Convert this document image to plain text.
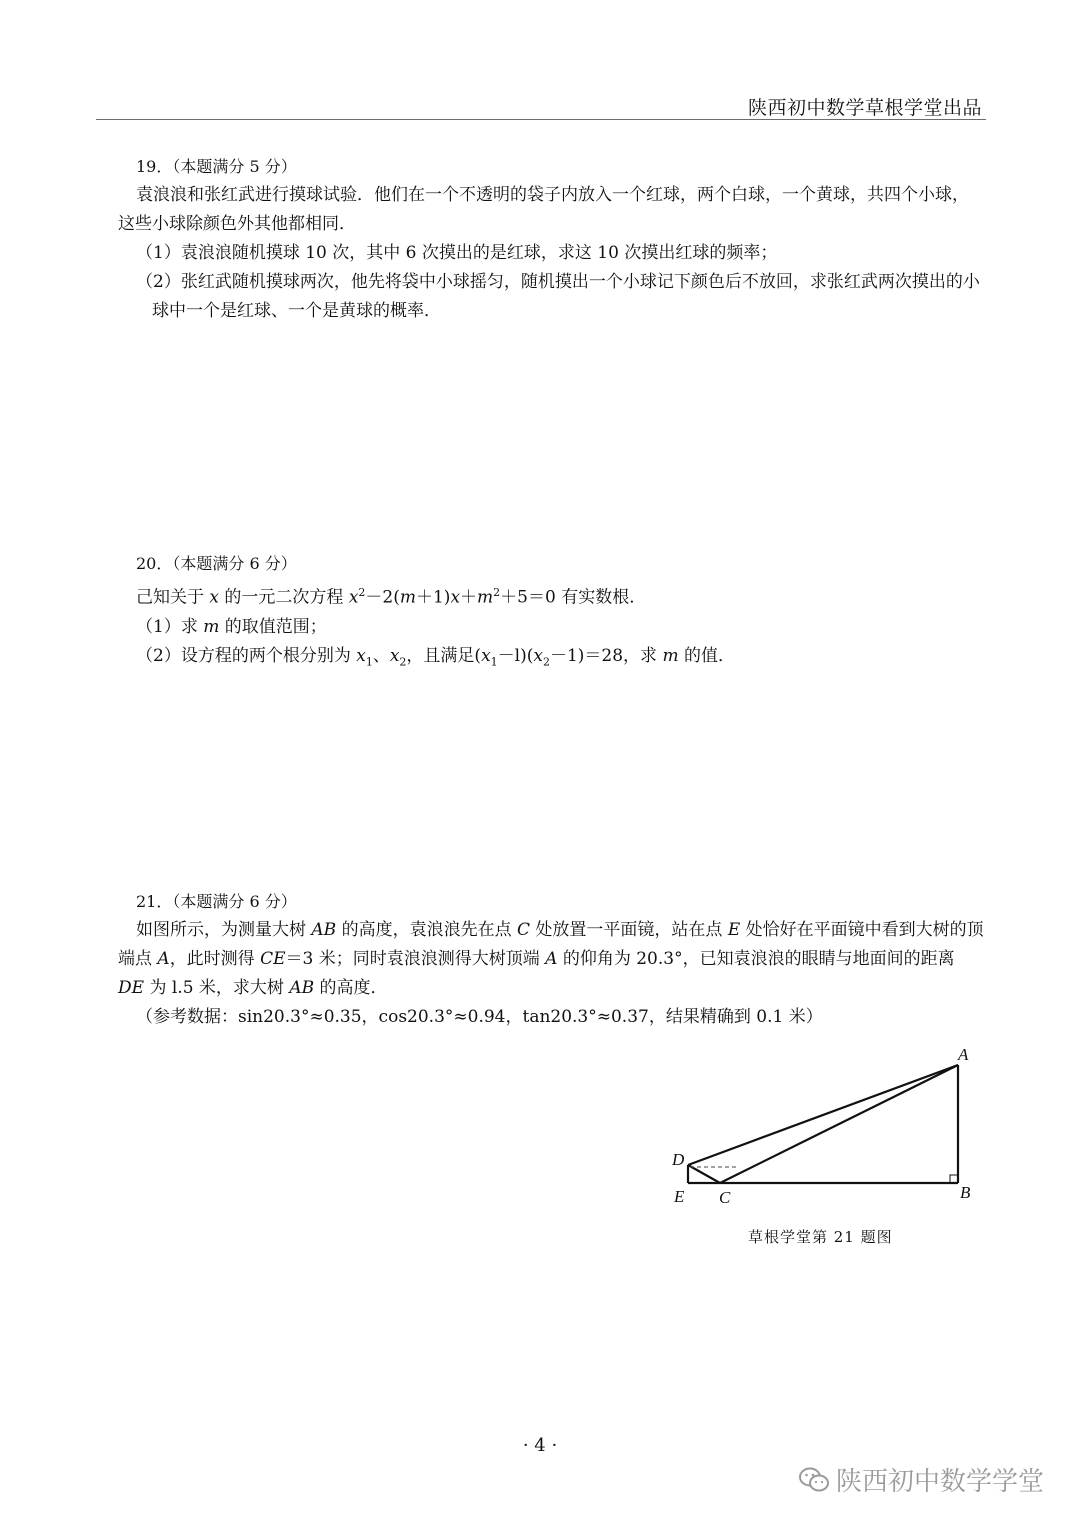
陕西初中数学草根学堂出品

19．（本题满分 5 分）

袁浪浪和张红武进行摸球试验．他们在一个不透明的袋子内放入一个红球，两个白球，一个黄球，共四个小球，这些小球除颜色外其他都相同．

（1）袁浪浪随机摸球 10 次，其中 6 次摸出的是红球，求这 10 次摸出红球的频率；

（2）张红武随机摸球两次，他先将袋中小球摇匀，随机摸出一个小球记下颜色后不放回，求张红武两次摸出的小球中一个是红球、一个是黄球的概率．

20．（本题满分 6 分）

己知关于 x 的一元二次方程 $x^2-2(m+1)x+m^2+5=0$ 有实数根．

（1）求 m 的取值范围；

（2）设方程的两个根分别为 $x_1$、$x_2$，且满足$(x_1-l)(x_2-1)=28$，求 m 的值．

21．（本题满分 6 分）

如图所示，为测量大树 AB 的高度，袁浪浪先在点 C 处放置一平面镜，站在点 E 处恰好在平面镜中看到大树的顶端点 A，此时测得 CE＝3 米；同时袁浪浪测得大树顶端 A 的仰角为 20.3°，已知袁浪浪的眼睛与地面间的距离 DE 为 l.5 米，求大树 AB 的高度．

（参考数据：sin20.3°≈0.35，cos20.3°≈0.94，tan20.3°≈0.37，结果精确到 0.1 米）

A
D
E C	B
草根学堂第 21 题图
· 4 ·
陕西初中数学学堂
